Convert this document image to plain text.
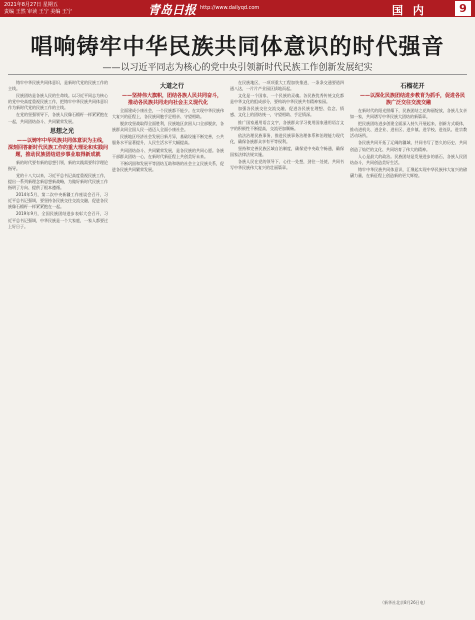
2021年8月27日 星期五
责编 王然 审读 王宁 美编 王宁	青岛日报 http://www.dailyqd.com	国 内	9
唱响铸牢中华民族共同体意识的时代强音
——以习近平同志为核心的党中央引领新时代民族工作创新发展纪实

铸牢中华民族共同体意识，是新时代党的民族工作的主线。

民族团结是各族人民的生命线。以习近平同志为核心的党中央高度重视民族工作，把铸牢中华民族共同体意识作为新时代党的民族工作的主线。

在党的坚强领导下，各族人民像石榴籽一样紧紧抱在一起，共同团结奋斗、共同繁荣发展。

思想之光

——以铸牢中华民族共同体意识为主线，深刻回答新时代民族工作的重大理论和实践问题，推动民族团结进步事业取得新成就

新的时代要有新的思想引领，新的实践需要科学理论指导。

党的十八大以来，习近平总书记高度重视民族工作，提出一系列新理念新思想新战略，为做好新时代民族工作指明了方向、提供了根本遵循。

2014年5月，第二次中央新疆工作座谈会召开，习近平总书记强调，要坚持各民族交往交流交融，促进各民族像石榴籽一样紧紧抱在一起。

2019年9月，全国民族团结进步表彰大会召开，习近平总书记强调，中华民族是一个大家庭，一家人都要过上好日子。

大道之行

——坚持伟大旗帜，团结各族人民共同奋斗，推动各民族共同走向社会主义现代化

全面建成小康社会，一个民族都不能少。在实现中华民族伟大复兴的征程上，各民族同胞手足相亲、守望相助。

脱贫攻坚战取得全面胜利，民族地区贫困人口全部脱贫，各族群众同全国人民一道迈入全面小康社会。

民族地区经济社会发展日新月异，基础设施不断完善，公共服务水平显著提升，人民生活水平大幅提高。

共同团结奋斗、共同繁荣发展，是各民族的共同心愿。各族干部群众团结一心，在新时代新征程上共创美好未来。

不断巩固和发展平等团结互助和谐的社会主义民族关系，促进各民族共同繁荣发展。

在民族地区，一项项重大工程加快推进，一条条交通要道四通八达，一片片产业园区拔地而起。

文化是一个国家、一个民族的灵魂。各民族优秀传统文化都是中华文化的组成部分，要构筑中华民族共有精神家园。

加强各民族交往交流交融，促进各民族在理想、信念、情感、文化上的团结统一，守望相助、手足情深。

推广国家通用语言文字，各族群众学习使用国家通用语言文字的积极性不断提高，交流更加顺畅。

依法治理民族事务，推进民族事务治理体系和治理能力现代化，确保各族群众享有平等权利。

坚持和完善民族区域自治制度，确保党中央政令畅通，确保国家法律法规实施。

各族人民在党的领导下，心往一处想，劲往一处使，共同书写中华民族伟大复兴的壮丽篇章。

石榴花开

——以深化民族团结进步教育为抓手，促进各民族广泛交往交流交融

在新时代的阳光照耀下，民族团结之花绚丽绽放，各族儿女亲如一家，共同谱写中华民族大团结的新篇章。

把民族团结进步创建全面深入持久开展起来，创新方式载体，推动进机关、进企业、进社区、进乡镇、进学校、进连队、进宗教活动场所。

各民族共同开拓了辽阔的疆域、共同书写了悠久的历史、共同创造了灿烂的文化、共同培育了伟大的精神。

人心是最大的政治。民族团结是发展进步的基石，各族人民团结奋斗，共同创造美好生活。

铸牢中华民族共同体意识，汇聚起实现中华民族伟大复兴的磅礴力量，在新征程上创造新的更大辉煌。

（新华社北京8月26日电）
